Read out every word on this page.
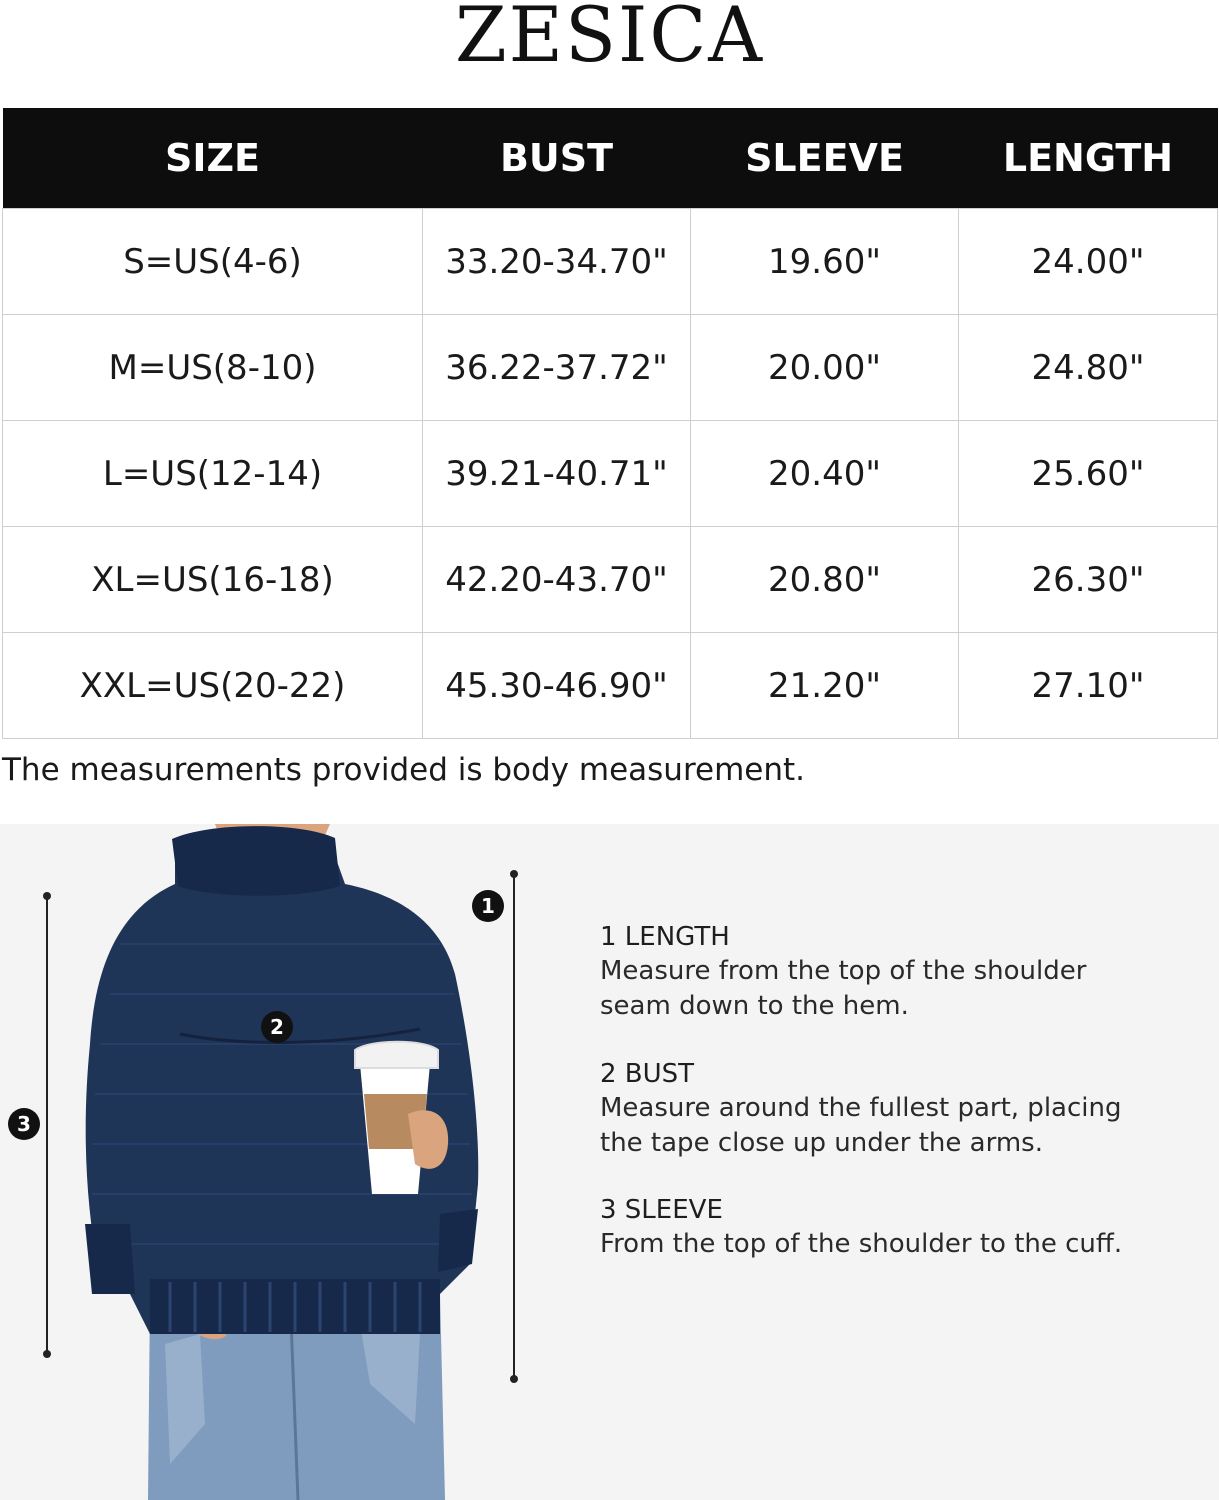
ZESICA
SIZE	BUST	SLEEVE	LENGTH
S=US(4-6)	33.20-34.70"	19.60"	24.00"
M=US(8-10)	36.22-37.72"	20.00"	24.80"
L=US(12-14)	39.21-40.71"	20.40"	25.60"
XL=US(16-18)	42.20-43.70"	20.80"	26.30"
XXL=US(20-22)	45.30-46.90"	21.20"	27.10"
The measurements provided is body measurement.
1
2
3
1 LENGTH
Measure from the top of the shoulder
seam down to the hem.
2 BUST
Measure around the fullest part, placing
the tape close up under the arms.
3 SLEEVE
From the top of the shoulder to the cuff.
